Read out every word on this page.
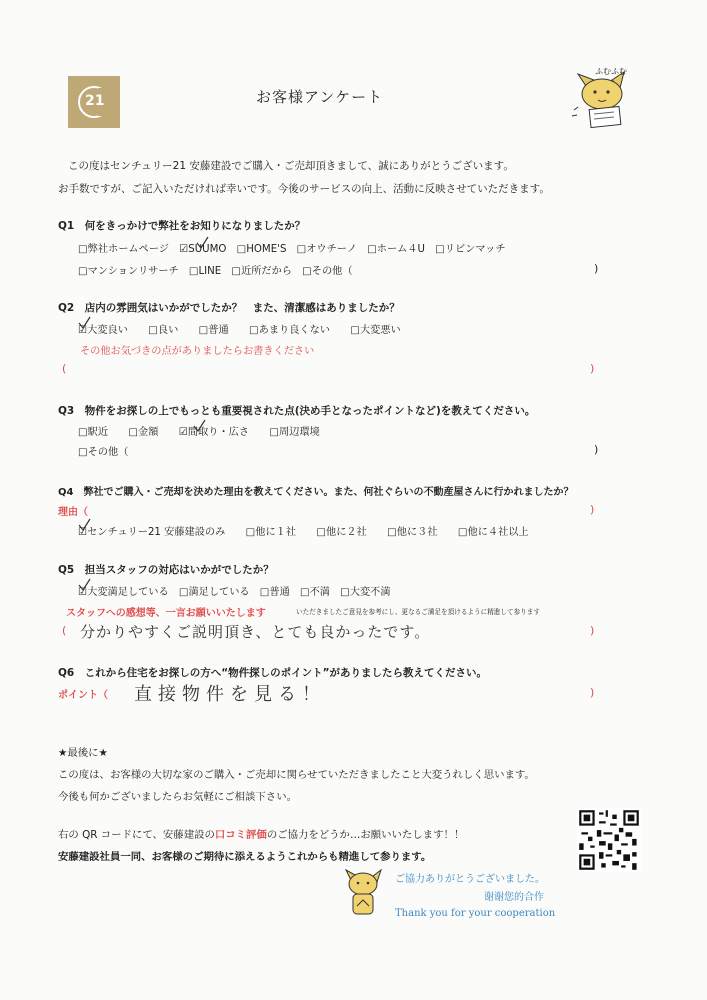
21	お客様アンケート
ふむふむ
この度はセンチュリー21 安藤建設でご購入・ご売却頂きまして、誠にありがとうございます。
お手数ですが、ご記入いただければ幸いです。今後のサービスの向上、活動に反映させていただきます。
Q1　何をきっかけで弊社をお知りになりましたか？
□弊社ホームページ　☑SUUMO　□HOME'S　□オウチーノ　□ホーム４U　□リビンマッチ
□マンションリサーチ　□LINE　□近所だから　□その他（	)
Q2　店内の雰囲気はいかがでしたか？　また、清潔感はありましたか？
☑大変良い　　□良い　　□普通　　□あまり良くない　　□大変悪い
その他お気づきの点がありましたらお書きください
(	)
Q3　物件をお探しの上でもっとも重要視された点(決め手となったポイントなど)を教えてください。
□駅近　　□金額　　☑間取り・広さ　　□周辺環境
□その他（	)
Q4　弊社でご購入・ご売却を決めた理由を教えてください。また、何社ぐらいの不動産屋さんに行かれましたか？
理由（	)
☑センチュリー21 安藤建設のみ　　□他に１社　　□他に２社　　□他に３社　　□他に４社以上
Q5　担当スタッフの対応はいかがでしたか？
☑大変満足している　□満足している　□普通　□不満　□大変不満
スタッフへの感想等、一言お願いいたします	いただきましたご意見を参考にし、更なるご満足を頂けるように精進して参ります
( 分かりやすくご説明頂き、とても良かったです。	)
Q6　これから住宅をお探しの方へ“物件探しのポイント”がありましたら教えてください。
ポイント（ 直接物件を見る！	)
★最後に★
この度は、お客様の大切な家のご購入・ご売却に関らせていただきましたこと大変うれしく思います。
今後も何かございましたらお気軽にご相談下さい。
右の QR コードにて、安藤建設の口コミ評価のご協力をどうか…お願いいたします！！
安藤建設社員一同、お客様のご期待に添えるようこれからも精進して参ります。
ご協力ありがとうございました。
谢谢您的合作
Thank you for your cooperation
